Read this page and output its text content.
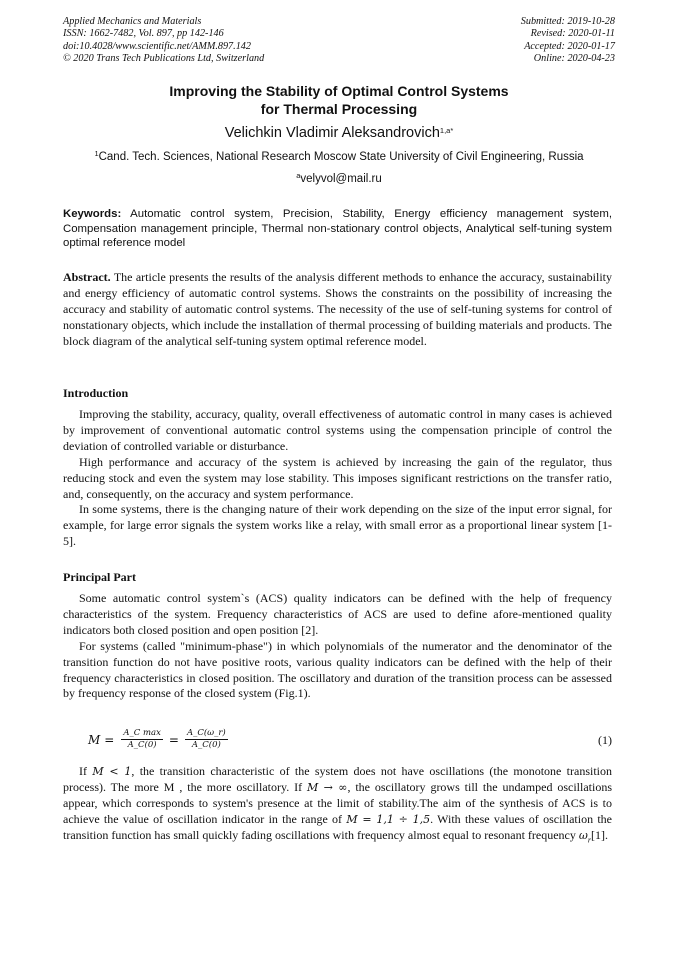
Applied Mechanics and Materials
ISSN: 1662-7482, Vol. 897, pp 142-146
doi:10.4028/www.scientific.net/AMM.897.142
© 2020 Trans Tech Publications Ltd, Switzerland
Submitted: 2019-10-28
Revised: 2020-01-11
Accepted: 2020-01-17
Online: 2020-04-23
Improving the Stability of Optimal Control Systems
for Thermal Processing
Velichkin Vladimir Aleksandrovich$^{1,a*}$
$^1$Cand. Tech. Sciences, National Research Moscow State University of Civil Engineering, Russia
$^a$velyvol@mail.ru
Keywords: Automatic control system, Precision, Stability, Energy efficiency management system, Compensation management principle, Thermal non-stationary control objects, Analytical self-tuning system optimal reference model

Abstract. The article presents the results of the analysis different methods to enhance the accuracy, sustainability and energy efficiency of automatic control systems. Shows the constraints on the possibility of increasing the accuracy and stability of automatic control systems. The necessity of the use of self-tuning systems for control of nonstationary objects, which include the installation of thermal processing of building materials and products. The block diagram of the analytical self-tuning system optimal reference model.

Introduction

Improving the stability, accuracy, quality, overall effectiveness of automatic control in many cases is achieved by improvement of conventional automatic control systems using the compensation principle of control the deviation of controlled variable or disturbance.

High performance and accuracy of the system is achieved by increasing the gain of the regulator, thus reducing stock and even the system may lose stability. This imposes significant restrictions on the transfer ratio, and, consequently, on the accuracy and system performance.

In some systems, there is the changing nature of their work depending on the size of the input error signal, for example, for large error signals the system works like a relay, with small error as a proportional linear system [1-5].

Principal Part

Some automatic control system`s (ACS) quality indicators can be defined with the help of frequency characteristics of the system. Frequency characteristics of ACS are used to define afore-mentioned quality indicators both closed position and open position [2].

For systems (called "minimum-phase") in which polynomials of the numerator and the denominator of the transition function do not have positive roots, various quality indicators can be defined with the help of their frequency characteristics in closed position. The oscillatory and duration of the transition process can be assessed by frequency response of the closed system (Fig.1).

$M = \frac{\text{A\_C max}}{A\_C(0)} = \frac{A\_C(\omega\_r)}{A\_C(0)}$	(1)

If M < 1, the transition characteristic of the system does not have oscillations (the monotone transition process). The more M , the more oscillatory. If M → ∞, the oscillatory grows till the undamped oscillations appear, which corresponds to system's presence at the limit of stability.The aim of the synthesis of ACS is to achieve the value of oscillation indicator in the range of M = 1,1 ÷ 1,5. With these values of oscillation the transition function has small quickly fading oscillations with frequency almost equal to resonant frequency $\omega_r[1]$.
